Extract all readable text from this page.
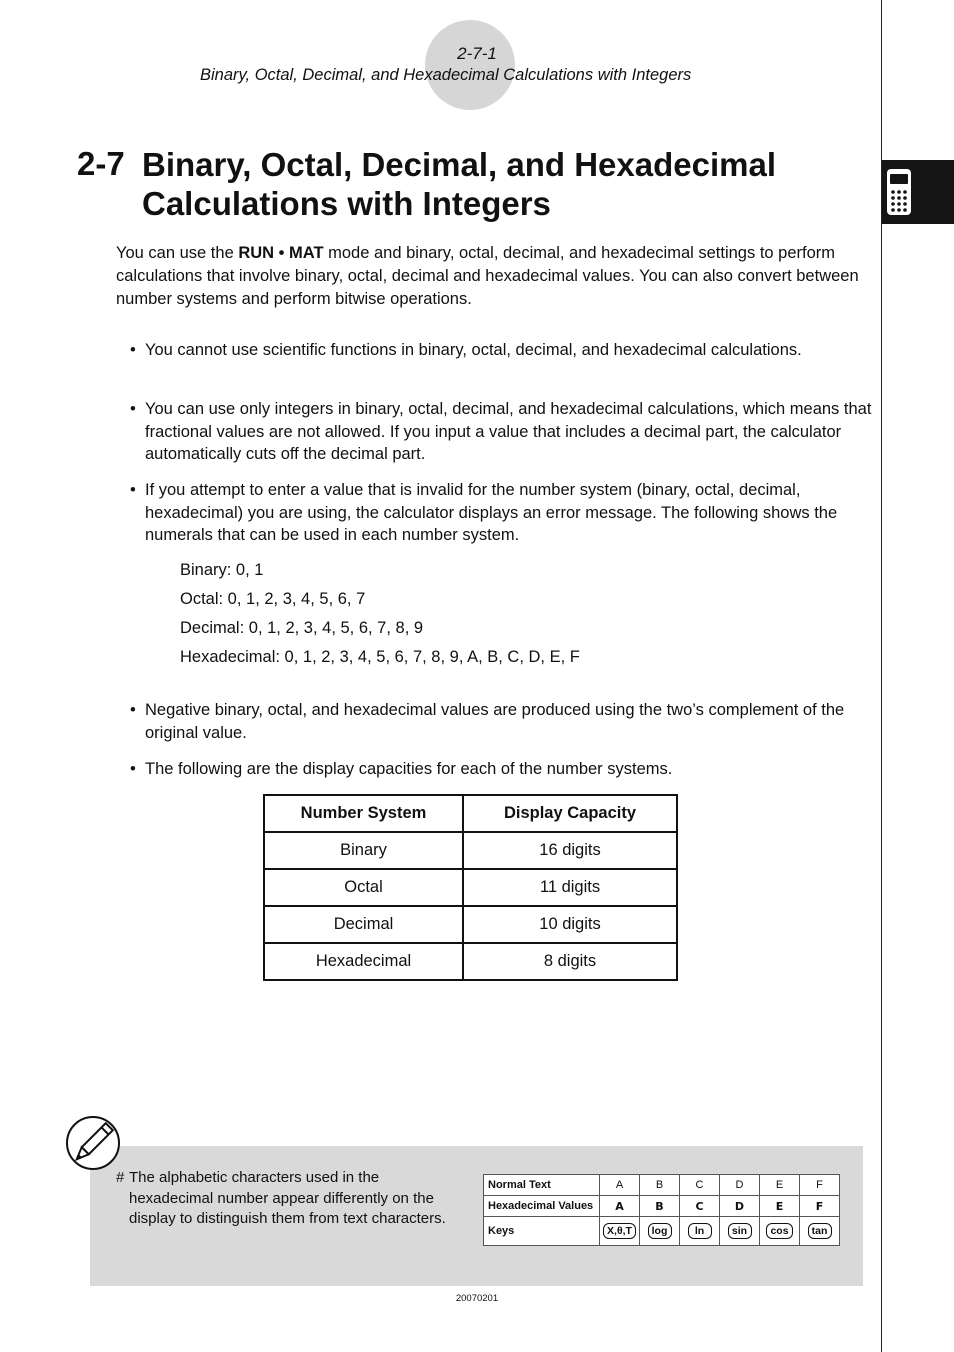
2-7-1
Binary, Octal, Decimal, and Hexadecimal Calculations with Integers
2-7 Binary, Octal, Decimal, and Hexadecimal Calculations with Integers
You can use the RUN • MAT mode and binary, octal, decimal, and hexadecimal settings to perform calculations that involve binary, octal, decimal and hexadecimal values. You can also convert between number systems and perform bitwise operations.
• You cannot use scientific functions in binary, octal, decimal, and hexadecimal calculations.
• You can use only integers in binary, octal, decimal, and hexadecimal calculations, which means that fractional values are not allowed. If you input a value that includes a decimal part, the calculator automatically cuts off the decimal part.
• If you attempt to enter a value that is invalid for the number system (binary, octal, decimal, hexadecimal) you are using, the calculator displays an error message. The following shows the numerals that can be used in each number system.
Binary: 0, 1
Octal: 0, 1, 2, 3, 4, 5, 6, 7
Decimal: 0, 1, 2, 3, 4, 5, 6, 7, 8, 9
Hexadecimal: 0, 1, 2, 3, 4, 5, 6, 7, 8, 9, A, B, C, D, E, F
• Negative binary, octal, and hexadecimal values are produced using the two’s complement of the original value.
• The following are the display capacities for each of the number systems.
Number System	Display Capacity
Binary	16 digits
Octal	11 digits
Decimal	10 digits
Hexadecimal	8 digits
# The alphabetic characters used in the hexadecimal number appear differently on the display to distinguish them from text characters.
Normal Text	A	B	C	D	E	F
Hexadecimal Values	A	B	C	D	E	F
Keys	X,θ,T	log	ln	sin	cos	tan
20070201
